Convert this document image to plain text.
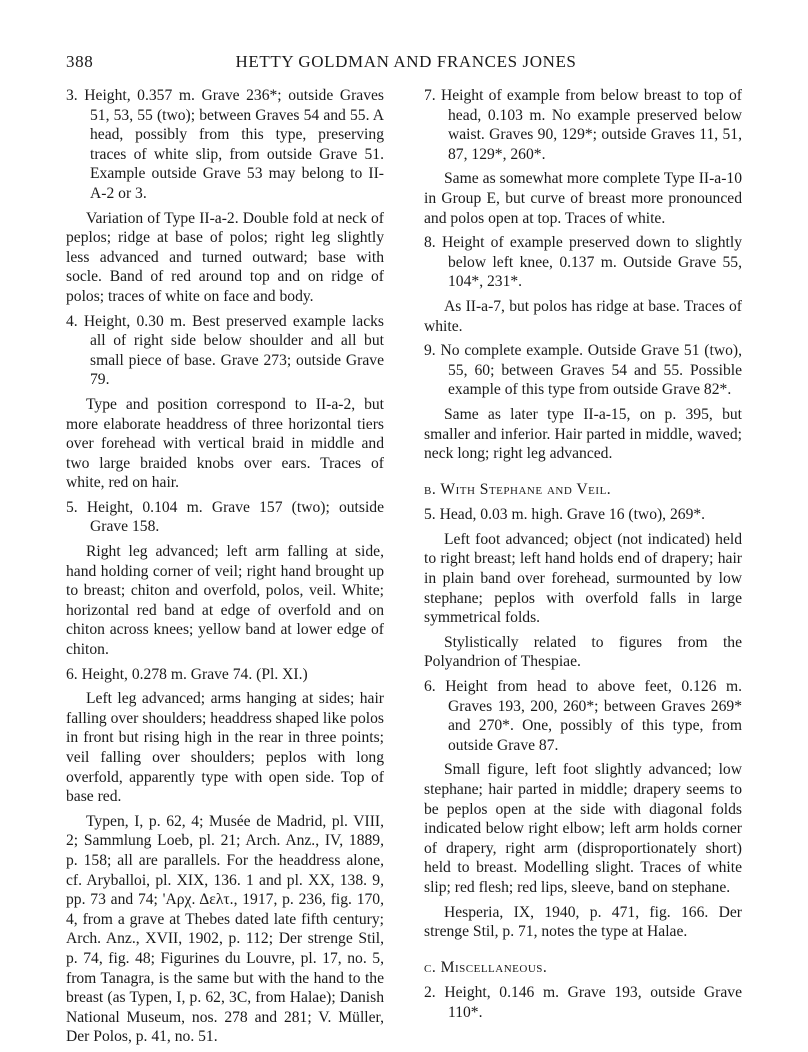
388	HETTY GOLDMAN AND FRANCES JONES
3. Height, 0.357 m. Grave 236*; outside Graves 51, 53, 55 (two); between Graves 54 and 55. A head, possibly from this type, preserving traces of white slip, from outside Grave 51. Example outside Grave 53 may belong to II-A-2 or 3.

Variation of Type II-a-2. Double fold at neck of peplos; ridge at base of polos; right leg slightly less advanced and turned outward; base with socle. Band of red around top and on ridge of polos; traces of white on face and body.

4. Height, 0.30 m. Best preserved example lacks all of right side below shoulder and all but small piece of base. Grave 273; outside Grave 79.

Type and position correspond to II-a-2, but more elaborate headdress of three horizontal tiers over forehead with vertical braid in middle and two large braided knobs over ears. Traces of white, red on hair.

5. Height, 0.104 m. Grave 157 (two); outside Grave 158.

Right leg advanced; left arm falling at side, hand holding corner of veil; right hand brought up to breast; chiton and overfold, polos, veil. White; horizontal red band at edge of overfold and on chiton across knees; yellow band at lower edge of chiton.

6. Height, 0.278 m. Grave 74. (Pl. XI.)

Left leg advanced; arms hanging at sides; hair falling over shoulders; headdress shaped like polos in front but rising high in the rear in three points; veil falling over shoulders; peplos with long overfold, apparently type with open side. Top of base red.

Typen, I, p. 62, 4; Musée de Madrid, pl. VIII, 2; Sammlung Loeb, pl. 21; Arch. Anz., IV, 1889, p. 158; all are parallels. For the headdress alone, cf. Aryballoi, pl. XIX, 136. 1 and pl. XX, 138. 9, pp. 73 and 74; 'Αρχ. Δελτ., 1917, p. 236, fig. 170, 4, from a grave at Thebes dated late fifth century; Arch. Anz., XVII, 1902, p. 112; Der strenge Stil, p. 74, fig. 48; Figurines du Louvre, pl. 17, no. 5, from Tanagra, is the same but with the hand to the breast (as Typen, I, p. 62, 3C, from Halae); Danish National Museum, nos. 278 and 281; V. Müller, Der Polos, p. 41, no. 51.

7. Height of example from below breast to top of head, 0.103 m. No example preserved below waist. Graves 90, 129*; outside Graves 11, 51, 87, 129*, 260*.

Same as somewhat more complete Type II-a-10 in Group E, but curve of breast more pronounced and polos open at top. Traces of white.

8. Height of example preserved down to slightly below left knee, 0.137 m. Outside Grave 55, 104*, 231*.

As II-a-7, but polos has ridge at base. Traces of white.

9. No complete example. Outside Grave 51 (two), 55, 60; between Graves 54 and 55. Possible example of this type from outside Grave 82*.

Same as later type II-a-15, on p. 395, but smaller and inferior. Hair parted in middle, waved; neck long; right leg advanced.

b. With Stephane and Veil.
5. Head, 0.03 m. high. Grave 16 (two), 269*.

Left foot advanced; object (not indicated) held to right breast; left hand holds end of drapery; hair in plain band over forehead, surmounted by low stephane; peplos with overfold falls in large symmetrical folds.

Stylistically related to figures from the Polyandrion of Thespiae.

6. Height from head to above feet, 0.126 m. Graves 193, 200, 260*; between Graves 269* and 270*. One, possibly of this type, from outside Grave 87.

Small figure, left foot slightly advanced; low stephane; hair parted in middle; drapery seems to be peplos open at the side with diagonal folds indicated below right elbow; left arm holds corner of drapery, right arm (disproportionately short) held to breast. Modelling slight. Traces of white slip; red flesh; red lips, sleeve, band on stephane.

Hesperia, IX, 1940, p. 471, fig. 166. Der strenge Stil, p. 71, notes the type at Halae.

c. Miscellaneous.
2. Height, 0.146 m. Grave 193, outside Grave 110*.
